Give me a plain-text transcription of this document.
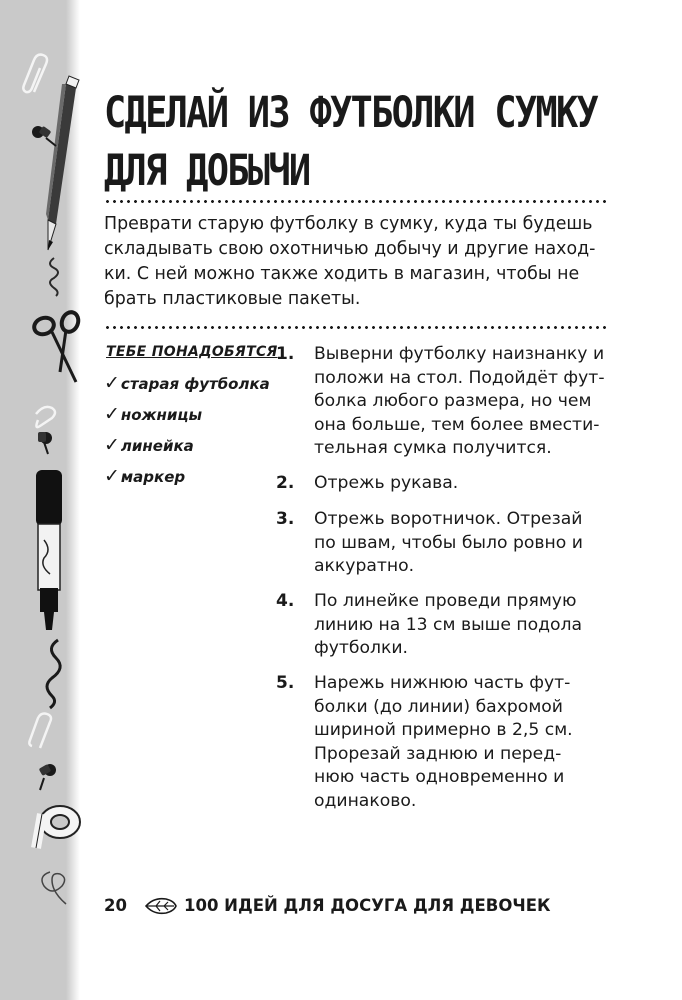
СДЕЛАЙ ИЗ ФУТБОЛКИ СУМКУ
ДЛЯ ДОБЫЧИ
Преврати старую футболку в сумку, куда ты будешь
складывать свою охотничью добычу и другие наход-
ки. С ней можно также ходить в магазин, чтобы не
брать пластиковые пакеты.
ТЕБЕ ПОНАДОБЯТСЯ
✓старая футболка
✓ножницы
✓линейка
✓маркер
1. Выверни футболку наизнанку и
положи на стол. Подойдёт фут-
болка любого размера, но чем
она больше, тем более вмести-
тельная сумка получится.
2. Отрежь рукава.
3. Отрежь воротничок. Отрезай
по швам, чтобы было ровно и
аккуратно.
4. По линейке проведи прямую
линию на 13 см выше подола
футболки.
5. Нарежь нижнюю часть фут-
болки (до линии) бахромой
шириной примерно в 2,5 см.
Прорезай заднюю и перед-
нюю часть одновременно и
одинаково.
20	100 ИДЕЙ ДЛЯ ДОСУГА ДЛЯ ДЕВОЧЕК
